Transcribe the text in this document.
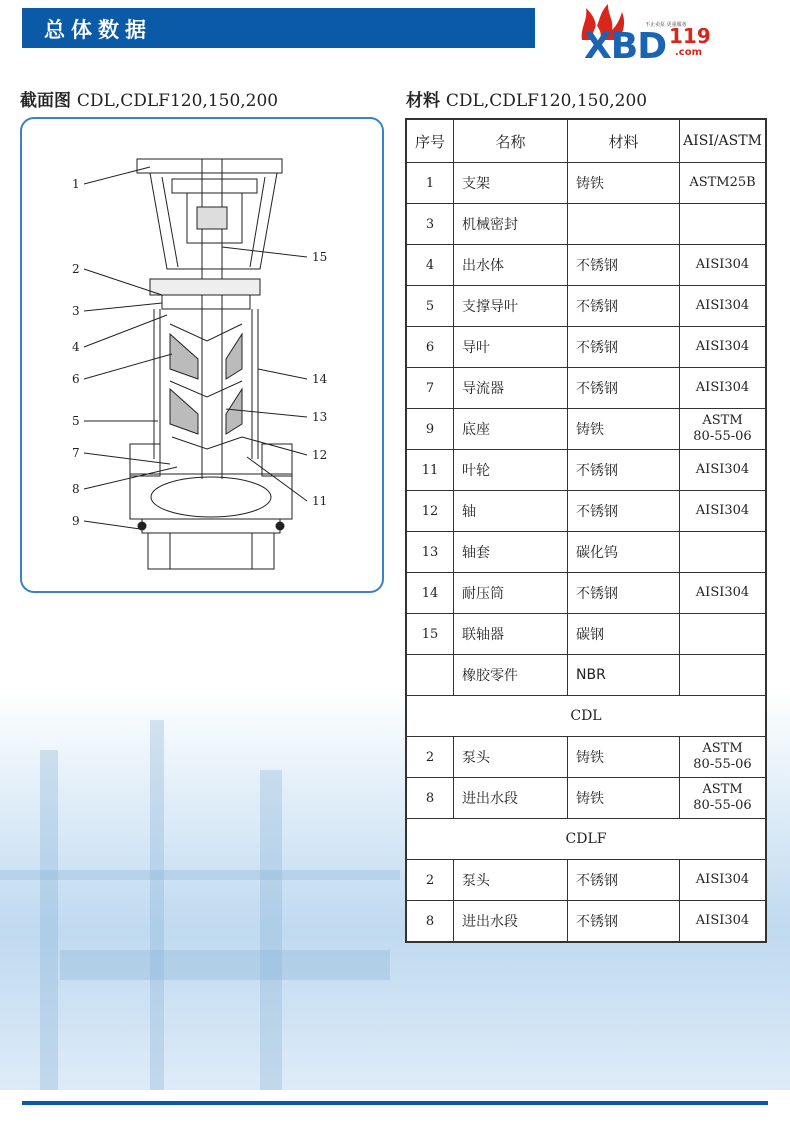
总体数据	不止卖泵 更重服务
XBD 119
.com
截面图 CDL,CDLF120,150,200	材料 CDL,CDLF120,150,200
1
2
3
4
6
5
7
8
9
15
14
13
12
11
序号	名称	材料	AISI/ASTM
1	支架	铸铁	ASTM25B

3	机械密封		

4	出水体	不锈钢	AISI304

5	支撑导叶	不锈钢	AISI304

6	导叶	不锈钢	AISI304

7	导流器	不锈钢	AISI304

9	底座	铸铁	ASTM
80-55-06

11	叶轮	不锈钢	AISI304

12	轴	不锈钢	AISI304

13	轴套	碳化钨	

14	耐压筒	不锈钢	AISI304

15	联轴器	碳钢	

	橡胶零件	NBR	

CDL			
2	泵头	铸铁	ASTM
80-55-06

8	进出水段	铸铁	ASTM
80-55-06

CDLF			
2	泵头	不锈钢	AISI304

8	进出水段	不锈钢	AISI304
